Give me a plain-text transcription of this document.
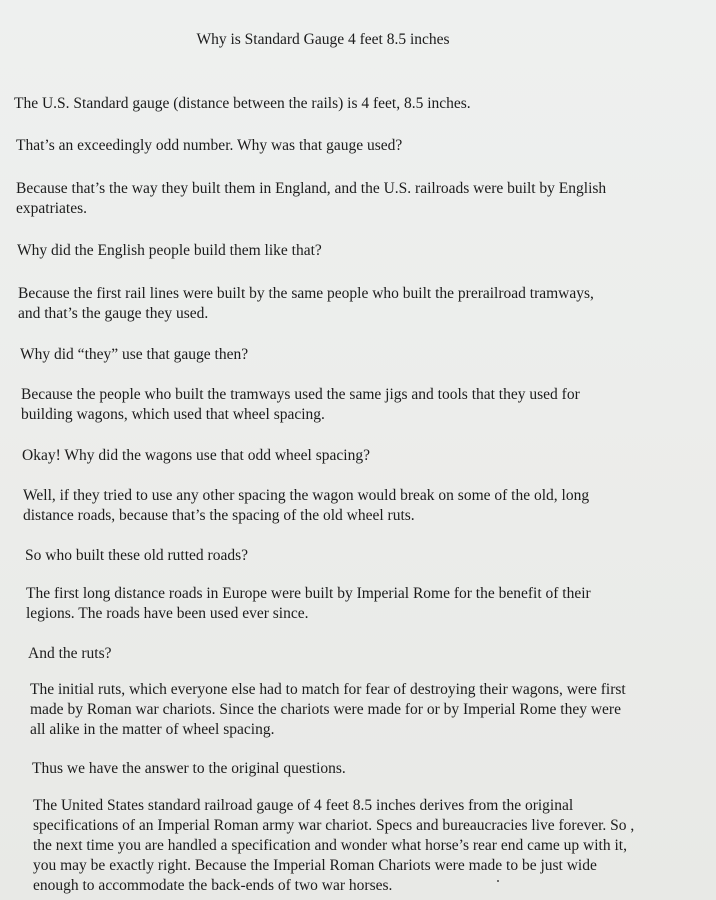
Why is Standard Gauge 4 feet 8.5 inches

The U.S. Standard gauge (distance between the rails) is 4 feet, 8.5 inches.

That’s an exceedingly odd number. Why was that gauge used?

Because that’s the way they built them in England, and the U.S. railroads were built by English
expatriates.

Why did the English people build them like that?

Because the first rail lines were built by the same people who built the prerailroad tramways,
and that’s the gauge they used.

Why did “they” use that gauge then?

Because the people who built the tramways used the same jigs and tools that they used for
building wagons, which used that wheel spacing.

Okay! Why did the wagons use that odd wheel spacing?

Well, if they tried to use any other spacing the wagon would break on some of the old, long
distance roads, because that’s the spacing of the old wheel ruts.

So who built these old rutted roads?

The first long distance roads in Europe were built by Imperial Rome for the benefit of their
legions. The roads have been used ever since.

And the ruts?

The initial ruts, which everyone else had to match for fear of destroying their wagons, were first
made by Roman war chariots. Since the chariots were made for or by Imperial Rome they were
all alike in the matter of wheel spacing.

Thus we have the answer to the original questions.

The United States standard railroad gauge of 4 feet 8.5 inches derives from the original
specifications of an Imperial Roman army war chariot. Specs and bureaucracies live forever. So ,
the next time you are handled a specification and wonder what horse’s rear end came up with it,
you may be exactly right. Because the Imperial Roman Chariots were made to be just wide
enough to accommodate the back-ends of two war horses.
